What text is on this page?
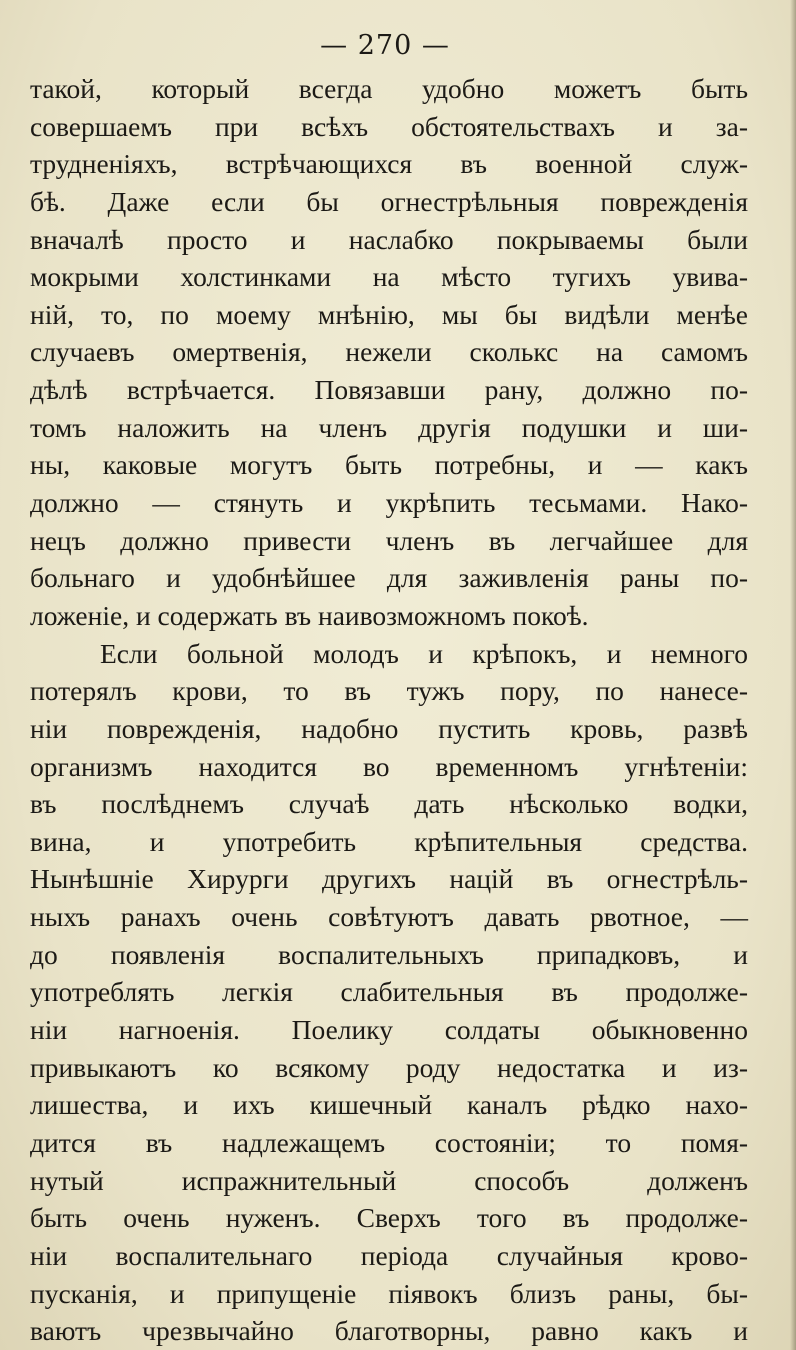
— 270 —
такой, который всегда удобно можетъ быть
совершаемъ при всѣхъ обстоятельствахъ и за-
трудненіяхъ, встрѣчающихся въ военной служ-
бѣ. Даже если бы огнестрѣльныя поврежденія
вначалѣ просто и наслабко покрываемы были
мокрыми холстинками на мѣсто тугихъ увива-
ній, то, по моему мнѣнію, мы бы видѣли менѣе
случаевъ омертвенія, нежели сколькс на самомъ
дѣлѣ встрѣчается. Повязавши рану, должно по-
томъ наложить на членъ другія подушки и ши-
ны, каковые могутъ быть потребны, и — какъ
должно — стянуть и укрѣпить тесьмами. Нако-
нецъ должно привести членъ въ легчайшее для
больнаго и удобнѣйшее для заживленія раны по-
ложеніе, и содержать въ наивозможномъ покоѣ.
Если больной молодъ и крѣпокъ, и немного
потерялъ крови, то въ тужъ пору, по нанесе-
ніи поврежденія, надобно пустить кровь, развѣ
организмъ находится во временномъ угнѣтеніи:
въ послѣднемъ случаѣ дать нѣсколько водки,
вина, и употребить крѣпительныя средства.
Нынѣшніе Хирурги другихъ націй въ огнестрѣль-
ныхъ ранахъ очень совѣтуютъ давать рвотное, —
до появленія воспалительныхъ припадковъ, и
употреблять легкія слабительныя въ продолже-
ніи нагноенія. Поелику солдаты обыкновенно
привыкаютъ ко всякому роду недостатка и из-
лишества, и ихъ кишечный каналъ рѣдко нахо-
дится въ надлежащемъ состояніи; то помя-
нутый испражнительный способъ долженъ
быть очень нуженъ. Сверхъ того въ продолже-
ніи воспалительнаго періода случайныя крово-
пусканія, и припущеніе піявокъ близъ раны, бы-
ваютъ чрезвычайно благотворны, равно какъ и
